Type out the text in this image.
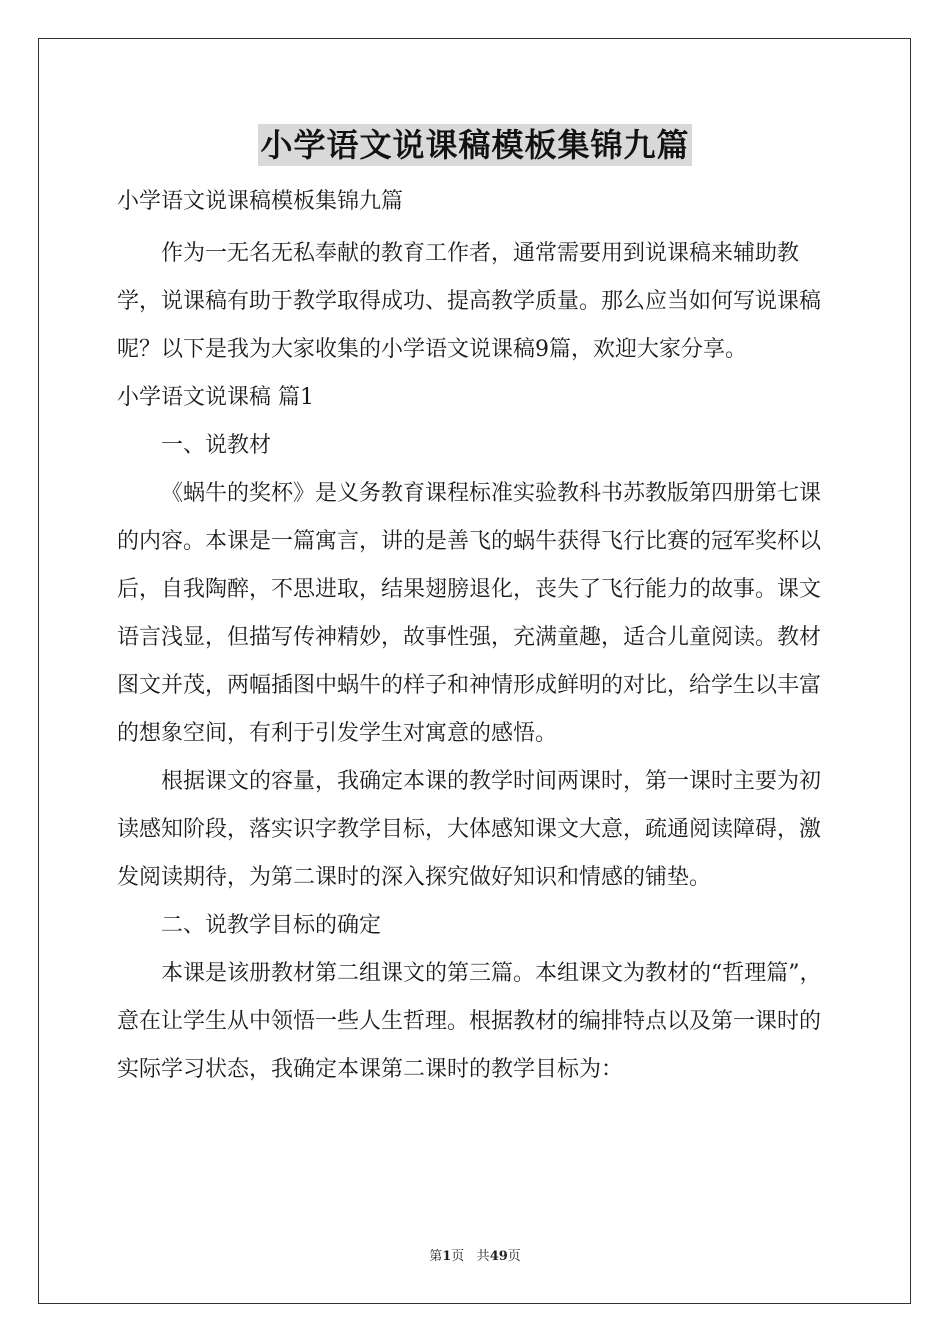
小学语文说课稿模板集锦九篇

小学语文说课稿模板集锦九篇

作为一无名无私奉献的教育工作者，通常需要用到说课稿来辅助教学，说课稿有助于教学取得成功、提高教学质量。那么应当如何写说课稿呢？以下是我为大家收集的小学语文说课稿9篇，欢迎大家分享。

小学语文说课稿 篇1

一、说教材

《蜗牛的奖杯》是义务教育课程标准实验教科书苏教版第四册第七课的内容。本课是一篇寓言，讲的是善飞的蜗牛获得飞行比赛的冠军奖杯以后，自我陶醉，不思进取，结果翅膀退化，丧失了飞行能力的故事。课文语言浅显，但描写传神精妙，故事性强，充满童趣，适合儿童阅读。教材图文并茂，两幅插图中蜗牛的样子和神情形成鲜明的对比，给学生以丰富的想象空间，有利于引发学生对寓意的感悟。

根据课文的容量，我确定本课的教学时间两课时，第一课时主要为初读感知阶段，落实识字教学目标，大体感知课文大意，疏通阅读障碍，激发阅读期待，为第二课时的深入探究做好知识和情感的铺垫。

二、说教学目标的确定

本课是该册教材第二组课文的第三篇。本组课文为教材的“哲理篇”，意在让学生从中领悟一些人生哲理。根据教材的编排特点以及第一课时的实际学习状态，我确定本课第二课时的教学目标为：

第1页 共49页
